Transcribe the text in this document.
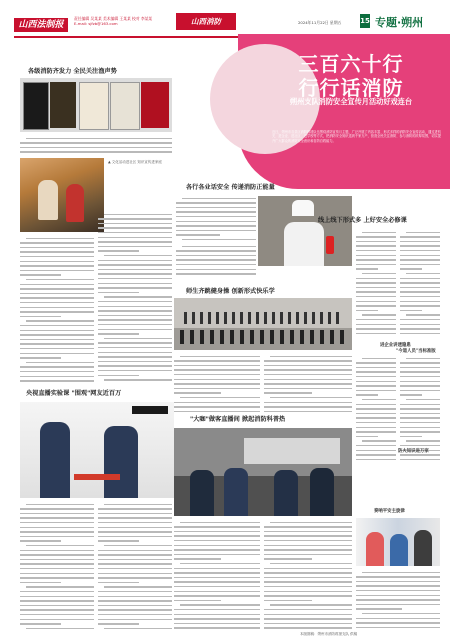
山西法制报
责任编辑 吴某某 美术编辑 王某某 校对 李某某
E-mail: sjfzb@163.com	山西消防	2024年11月22日 星期五	15 专题·朔州
各级消防齐发力 全民关注渔声势
▲ 文化活动进社区 知识宣传进家庭
央视直播实验课 "围观"网友近百万
三百六十行
行行话消防
朔州支队消防安全宣传月活动好戏连台
近日，朔州市各县区消防救援队伍围绕消防宣传月主题，广泛开展了内容丰富、形式多样的消防安全宣传活动，通过进机关、进企业、进社区、进学校等方式，把消防安全知识送到千家万户，营造全民关注消防、参与消防的浓厚氛围，切实提升广大群众的消防安全意识和自防自救能力。
各行各业话安全 传递消防正能量
师生齐跳健身操 创新形式快乐学
"大咖"做客直播间 掀起消防科普热
线上线下形式多 上好安全必修课
进企业讲透隐患
"今道人员"当标准版
防火知识进万家
奏响平安主旋律
本版图稿：朔州市消防救援支队 供稿
